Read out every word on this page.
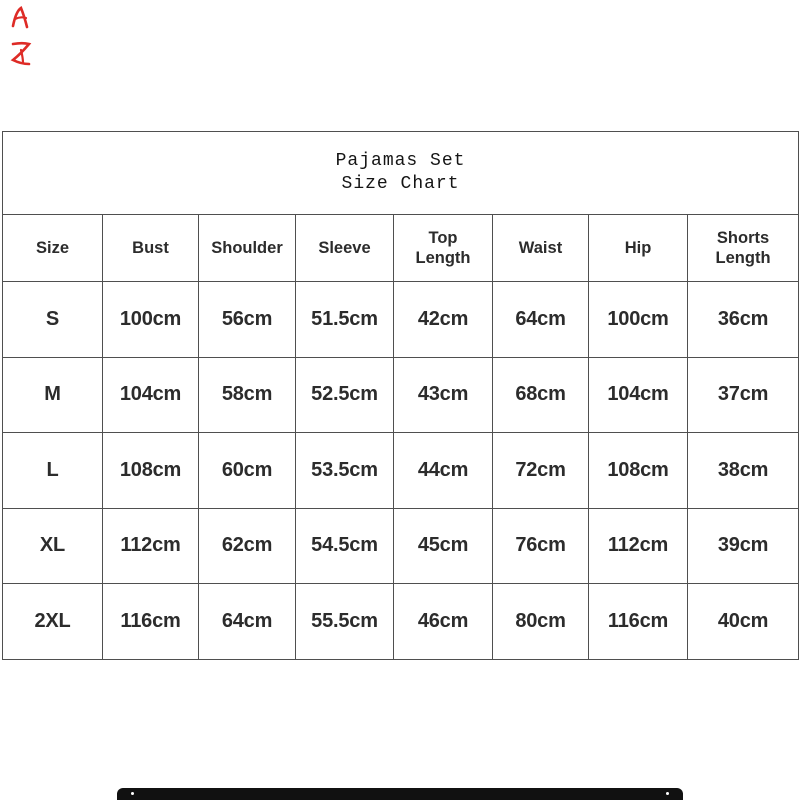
Pajamas Set
Size Chart							

Size	Bust	Shoulder	Sleeve	Top Length	Waist	Hip	Shorts Length
S	100cm	56cm	51.5cm	42cm	64cm	100cm	36cm
M	104cm	58cm	52.5cm	43cm	68cm	104cm	37cm
L	108cm	60cm	53.5cm	44cm	72cm	108cm	38cm
XL	112cm	62cm	54.5cm	45cm	76cm	112cm	39cm
2XL	116cm	64cm	55.5cm	46cm	80cm	116cm	40cm
